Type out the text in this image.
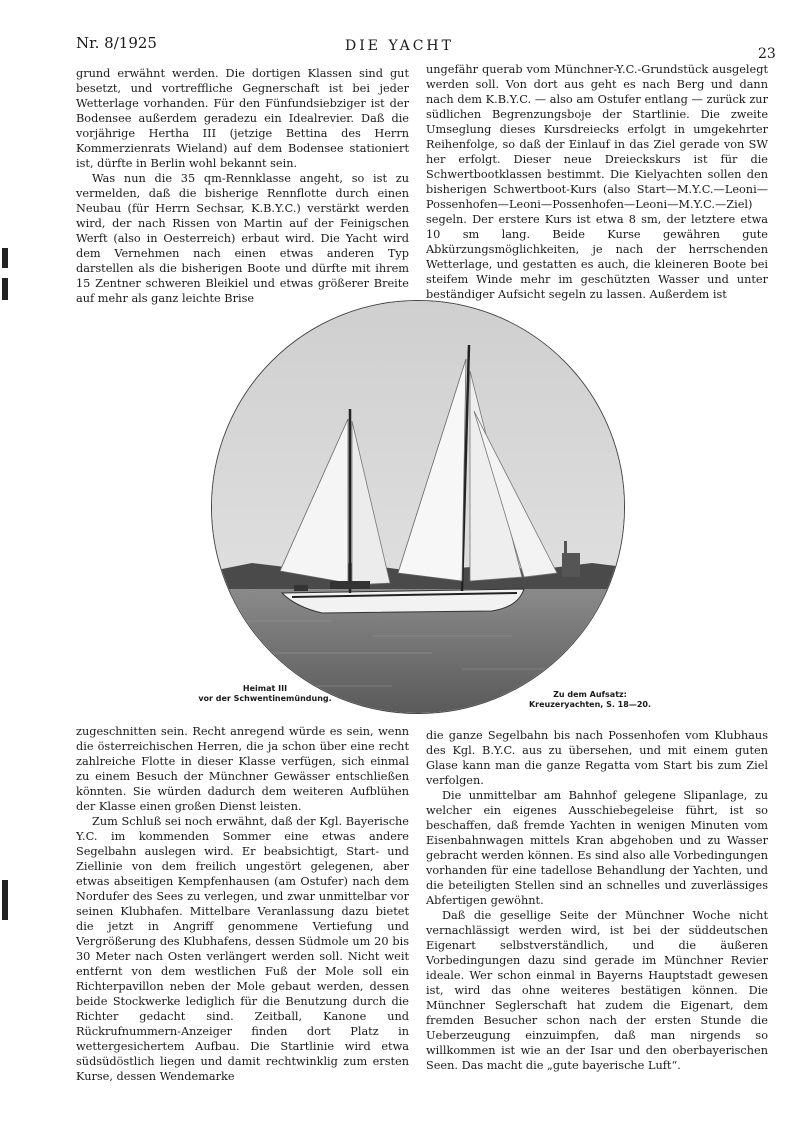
Nr. 8/1925	DIE YACHT	23

grund erwähnt werden. Die dortigen Klassen sind gut besetzt, und vortreffliche Gegnerschaft ist bei jeder Wetterlage vorhanden. Für den Fünfundsiebziger ist der Bodensee außerdem geradezu ein Idealrevier. Daß die vorjährige Hertha III (jetzige Bettina des Herrn Kommerzienrats Wieland) auf dem Bodensee stationiert ist, dürfte in Berlin wohl bekannt sein.

Was nun die 35 qm-Rennklasse angeht, so ist zu vermelden, daß die bisherige Rennflotte durch einen Neubau (für Herrn Sechsar, K.B.Y.C.) verstärkt werden wird, der nach Rissen von Martin auf der Feinigschen Werft (also in Oesterreich) erbaut wird. Die Yacht wird dem Vernehmen nach einen etwas anderen Typ darstellen als die bisherigen Boote und dürfte mit ihrem 15 Zentner schweren Bleikiel und etwas größerer Breite auf mehr als ganz leichte Brise

ungefähr querab vom Münchner-Y.C.-Grundstück ausgelegt werden soll. Von dort aus geht es nach Berg und dann nach dem K.B.Y.C. — also am Ostufer entlang — zurück zur südlichen Begrenzungsboje der Startlinie. Die zweite Umseglung dieses Kursdreiecks erfolgt in umgekehrter Reihenfolge, so daß der Einlauf in das Ziel gerade von SW her erfolgt. Dieser neue Dreieckskurs ist für die Schwertbootklassen bestimmt. Die Kielyachten sollen den bisherigen Schwertboot-Kurs (also Start—M.Y.C.—Leoni—Possenhofen—Leoni—Possenhofen—Leoni—M.Y.C.—Ziel) segeln. Der erstere Kurs ist etwa 8 sm, der letztere etwa 10 sm lang. Beide Kurse gewähren gute Abkürzungsmöglichkeiten, je nach der herrschenden Wetterlage, und gestatten es auch, die kleineren Boote bei steifem Winde mehr im geschützten Wasser und unter beständiger Aufsicht segeln zu lassen. Außerdem ist

Heimat III
vor der Schwentinemündung.	Zu dem Aufsatz:
Kreuzeryachten, S. 18—20.

zugeschnitten sein. Recht anregend würde es sein, wenn die österreichischen Herren, die ja schon über eine recht zahlreiche Flotte in dieser Klasse verfügen, sich einmal zu einem Besuch der Münchner Gewässer entschließen könnten. Sie würden dadurch dem weiteren Aufblühen der Klasse einen großen Dienst leisten.

Zum Schluß sei noch erwähnt, daß der Kgl. Bayerische Y.C. im kommenden Sommer eine etwas andere Segelbahn auslegen wird. Er beabsichtigt, Start- und Ziellinie von dem freilich ungestört gelegenen, aber etwas abseitigen Kempfenhausen (am Ostufer) nach dem Nordufer des Sees zu verlegen, und zwar unmittelbar vor seinen Klubhafen. Mittelbare Veranlassung dazu bietet die jetzt in Angriff genommene Vertiefung und Vergrößerung des Klubhafens, dessen Südmole um 20 bis 30 Meter nach Osten verlängert werden soll. Nicht weit entfernt von dem westlichen Fuß der Mole soll ein Richterpavillon neben der Mole gebaut werden, dessen beide Stockwerke lediglich für die Benutzung durch die Richter gedacht sind. Zeitball, Kanone und Rückrufnummern-Anzeiger finden dort Platz in wettergesichertem Aufbau. Die Startlinie wird etwa südsüdöstlich liegen und damit rechtwinklig zum ersten Kurse, dessen Wendemarke

die ganze Segelbahn bis nach Possenhofen vom Klubhaus des Kgl. B.Y.C. aus zu übersehen, und mit einem guten Glase kann man die ganze Regatta vom Start bis zum Ziel verfolgen.

Die unmittelbar am Bahnhof gelegene Slipanlage, zu welcher ein eigenes Ausschiebegeleise führt, ist so beschaffen, daß fremde Yachten in wenigen Minuten vom Eisenbahnwagen mittels Kran abgehoben und zu Wasser gebracht werden können. Es sind also alle Vorbedingungen vorhanden für eine tadellose Behandlung der Yachten, und die beteiligten Stellen sind an schnelles und zuverlässiges Abfertigen gewöhnt.

Daß die gesellige Seite der Münchner Woche nicht vernachlässigt werden wird, ist bei der süddeutschen Eigenart selbstverständlich, und die äußeren Vorbedingungen dazu sind gerade im Münchner Revier ideale. Wer schon einmal in Bayerns Hauptstadt gewesen ist, wird das ohne weiteres bestätigen können. Die Münchner Seglerschaft hat zudem die Eigenart, dem fremden Besucher schon nach der ersten Stunde die Ueberzeugung einzuimpfen, daß man nirgends so willkommen ist wie an der Isar und den oberbayerischen Seen. Das macht die „gute bayerische Luft“.
